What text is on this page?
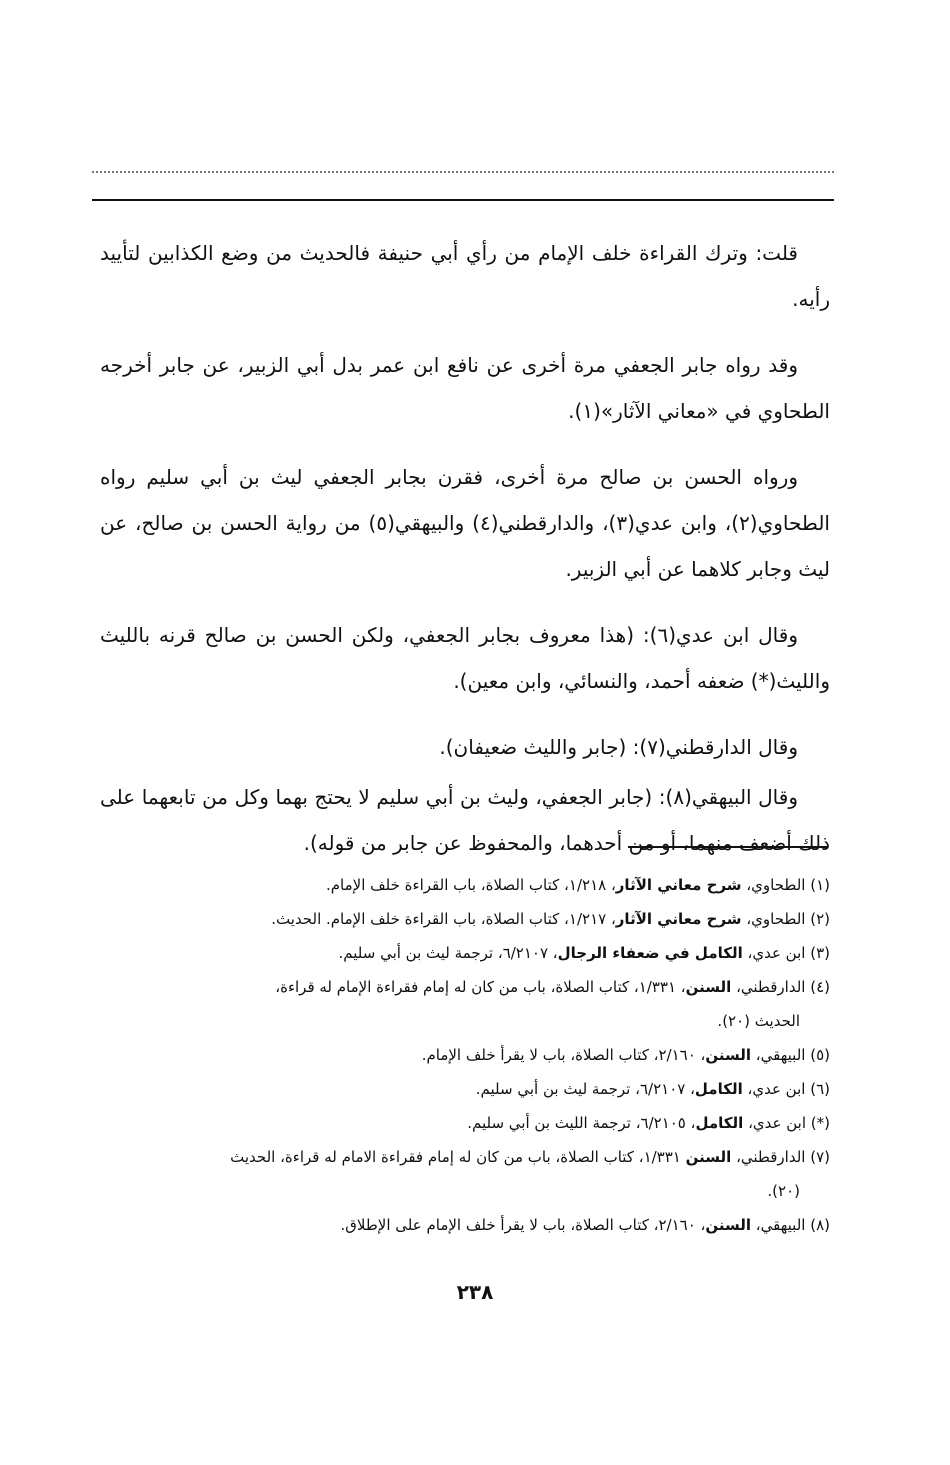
قلت: وترك القراءة خلف الإمام من رأي أبي حنيفة فالحديث من وضع الكذابين لتأييد رأيه.

وقد رواه جابر الجعفي مرة أخرى عن نافع ابن عمر بدل أبي الزبير، عن جابر أخرجه الطحاوي في «معاني الآثار»(١).

ورواه الحسن بن صالح مرة أخرى، فقرن بجابر الجعفي ليث بن أبي سليم رواه الطحاوي(٢)، وابن عدي(٣)، والدارقطني(٤) والبيهقي(٥) من رواية الحسن بن صالح، عن ليث وجابر كلاهما عن أبي الزبير.

وقال ابن عدي(٦): (هذا معروف بجابر الجعفي، ولكن الحسن بن صالح قرنه بالليث والليث(*) ضعفه أحمد، والنسائي، وابن معين).

وقال الدارقطني(٧): (جابر والليث ضعيفان).

وقال البيهقي(٨): (جابر الجعفي، وليث بن أبي سليم لا يحتج بهما وكل من تابعهما على ذلك أضعف منهما، أو من أحدهما، والمحفوظ عن جابر من قوله).

(١) الطحاوي، شرح معاني الآثار، ١/٢١٨، كتاب الصلاة، باب القراءة خلف الإمام.

(٢) الطحاوي، شرح معاني الآثار، ١/٢١٧، كتاب الصلاة، باب القراءة خلف الإمام. الحديث.

(٣) ابن عدي، الكامل في ضعفاء الرجال، ٦/٢١٠٧، ترجمة ليث بن أبي سليم.

(٤) الدارقطني، السنن، ١/٣٣١، كتاب الصلاة، باب من كان له إمام فقراءة الإمام له قراءة،

الحديث (٢٠).

(٥) البيهقي، السنن، ٢/١٦٠، كتاب الصلاة، باب لا يقرأ خلف الإمام.

(٦) ابن عدي، الكامل، ٦/٢١٠٧، ترجمة ليث بن أبي سليم.

(*) ابن عدي، الكامل، ٦/٢١٠٥، ترجمة الليث بن أبي سليم.

(٧) الدارقطني، السنن ١/٣٣١، كتاب الصلاة، باب من كان له إمام فقراءة الامام له قراءة، الحديث

(٢٠).

(٨) البيهقي، السنن، ٢/١٦٠، كتاب الصلاة، باب لا يقرأ خلف الإمام على الإطلاق.

٢٣٨
